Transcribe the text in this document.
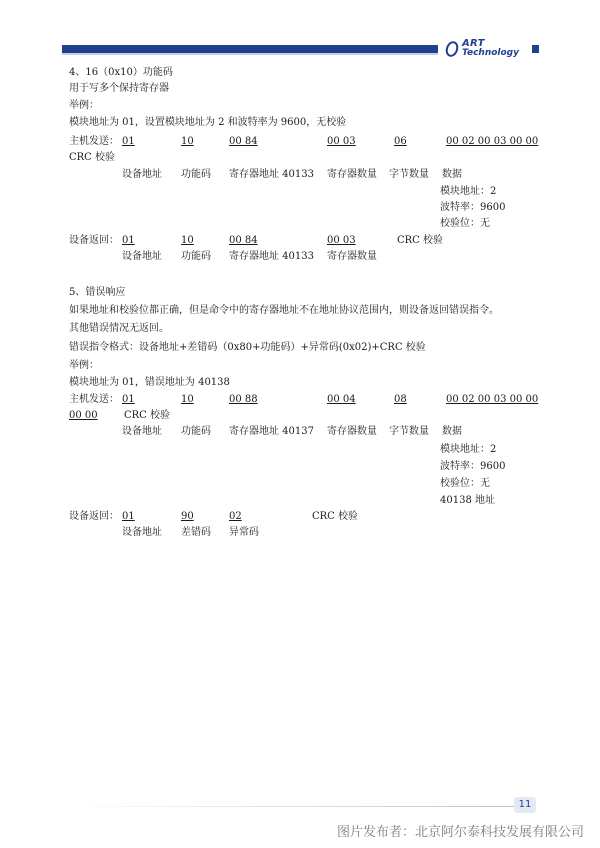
ART
Technology
4、16（0x10）功能码
用于写多个保持寄存器
举例：
模块地址为 01，设置模块地址为 2 和波特率为 9600，无校验
主机发送： 01	10	00 84	00 03	06	00 02 00 03 00 00
CRC 校验
设备地址 功能码 寄存器地址 40133 寄存器数量 字节数量 数据
模块地址：2
波特率：9600
校验位：无
设备返回： 01	10	00 84	00 03	CRC 校验
设备地址 功能码 寄存器地址 40133 寄存器数量
5、错误响应
如果地址和校验位都正确，但是命令中的寄存器地址不在地址协议范围内，则设备返回错误指令。
其他错误情况无返回。
错误指令格式：设备地址+差错码（0x80+功能码）+异常码(0x02)+CRC 校验
举例：
模块地址为 01，错误地址为 40138
主机发送： 01	10	00 88	00 04	08	00 02 00 03 00 00
00 00	CRC 校验
设备地址 功能码 寄存器地址 40137 寄存器数量 字节数量 数据
模块地址：2
波特率：9600
校验位：无
40138 地址
设备返回： 01	90	02	CRC 校验
设备地址 差错码 异常码
11
图片发布者：北京阿尔泰科技发展有限公司
